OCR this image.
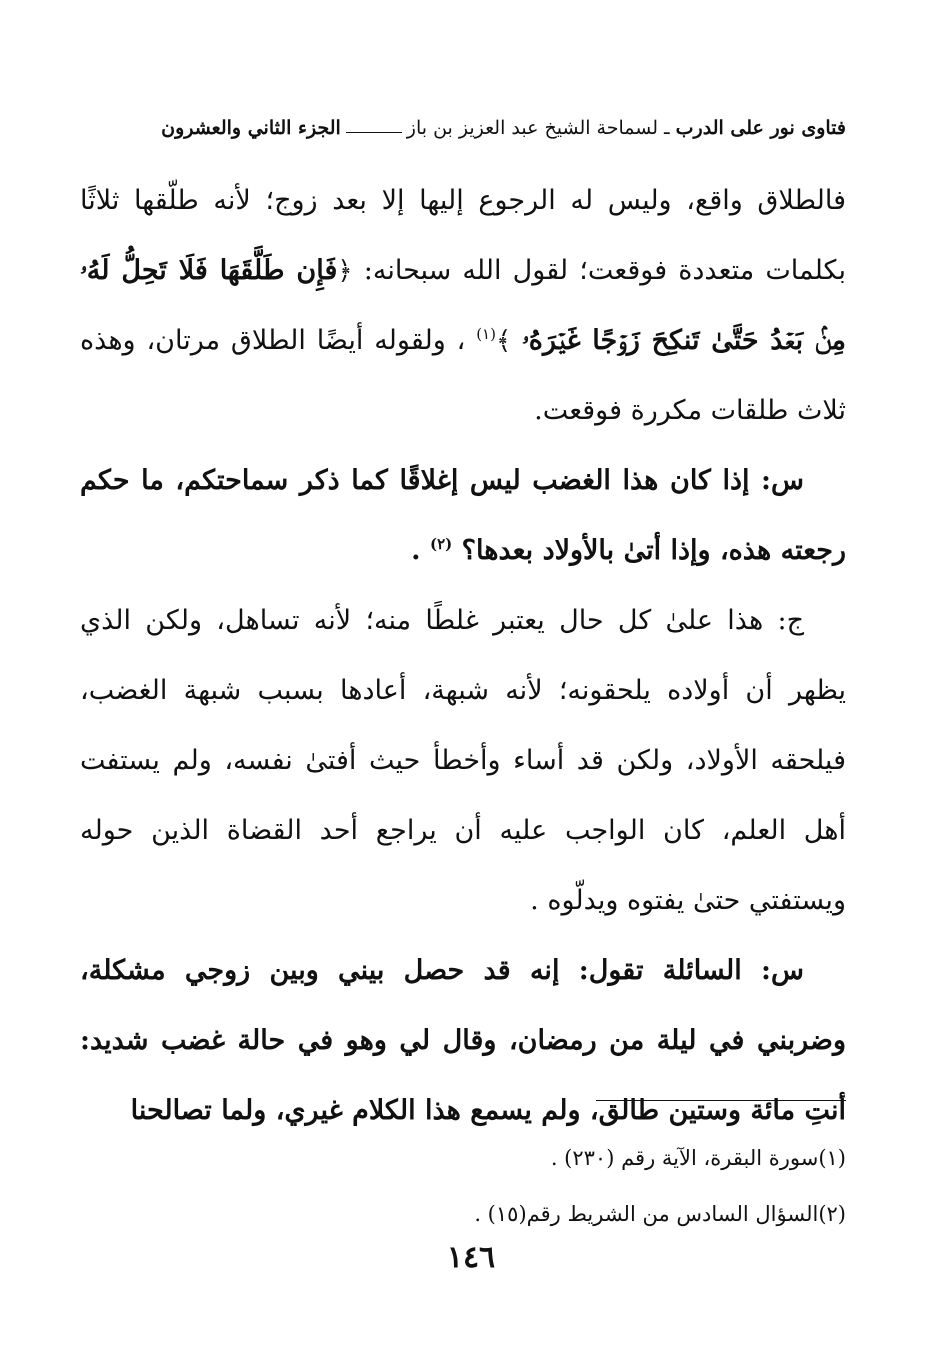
فتاوى نور على الدرب
ـ
لسماحة الشيخ عبد العزيز بن باز
الجزء الثاني والعشرون

فالطلاق واقع، وليس له الرجوع إليها إلا بعد زوج؛ لأنه طلّقها ثلاثًا بكلمات متعددة فوقعت؛ لقول الله سبحانه: ﴿فَإِن طَلَّقَهَا فَلَا تَحِلُّ لَهُۥ مِنۢ بَعۡدُ حَتَّىٰ تَنكِحَ زَوۡجًا غَيۡرَهُۥ ﴾$^{(١)}$ ، ولقوله أيضًا الطلاق مرتان، وهذه ثلاث طلقات مكررة فوقعت.

س: إذا كان هذا الغضب ليس إغلاقًا كما ذكر سماحتكم، ما حكم رجعته هذه، وإذا أتىٰ بالأولاد بعدها؟ $^{(٢)}$ .

ج: هذا علىٰ كل حال يعتبر غلطًا منه؛ لأنه تساهل، ولكن الذي يظهر أن أولاده يلحقونه؛ لأنه شبهة، أعادها بسبب شبهة الغضب، فيلحقه الأولاد، ولكن قد أساء وأخطأ حيث أفتىٰ نفسه، ولم يستفت أهل العلم، كان الواجب عليه أن يراجع أحد القضاة الذين حوله ويستفتي حتىٰ يفتوه ويدلّوه .

س: السائلة تقول: إنه قد حصل بيني وبين زوجي مشكلة، وضربني في ليلة من رمضان، وقال لي وهو في حالة غضب شديد: أنتِ مائة وستين طالق، ولم يسمع هذا الكلام غيري، ولما تصالحنا

(١)سورة البقرة، الآية رقم (٢٣٠) .
(٢)السؤال السادس من الشريط رقم(١٥) .
١٤٦
